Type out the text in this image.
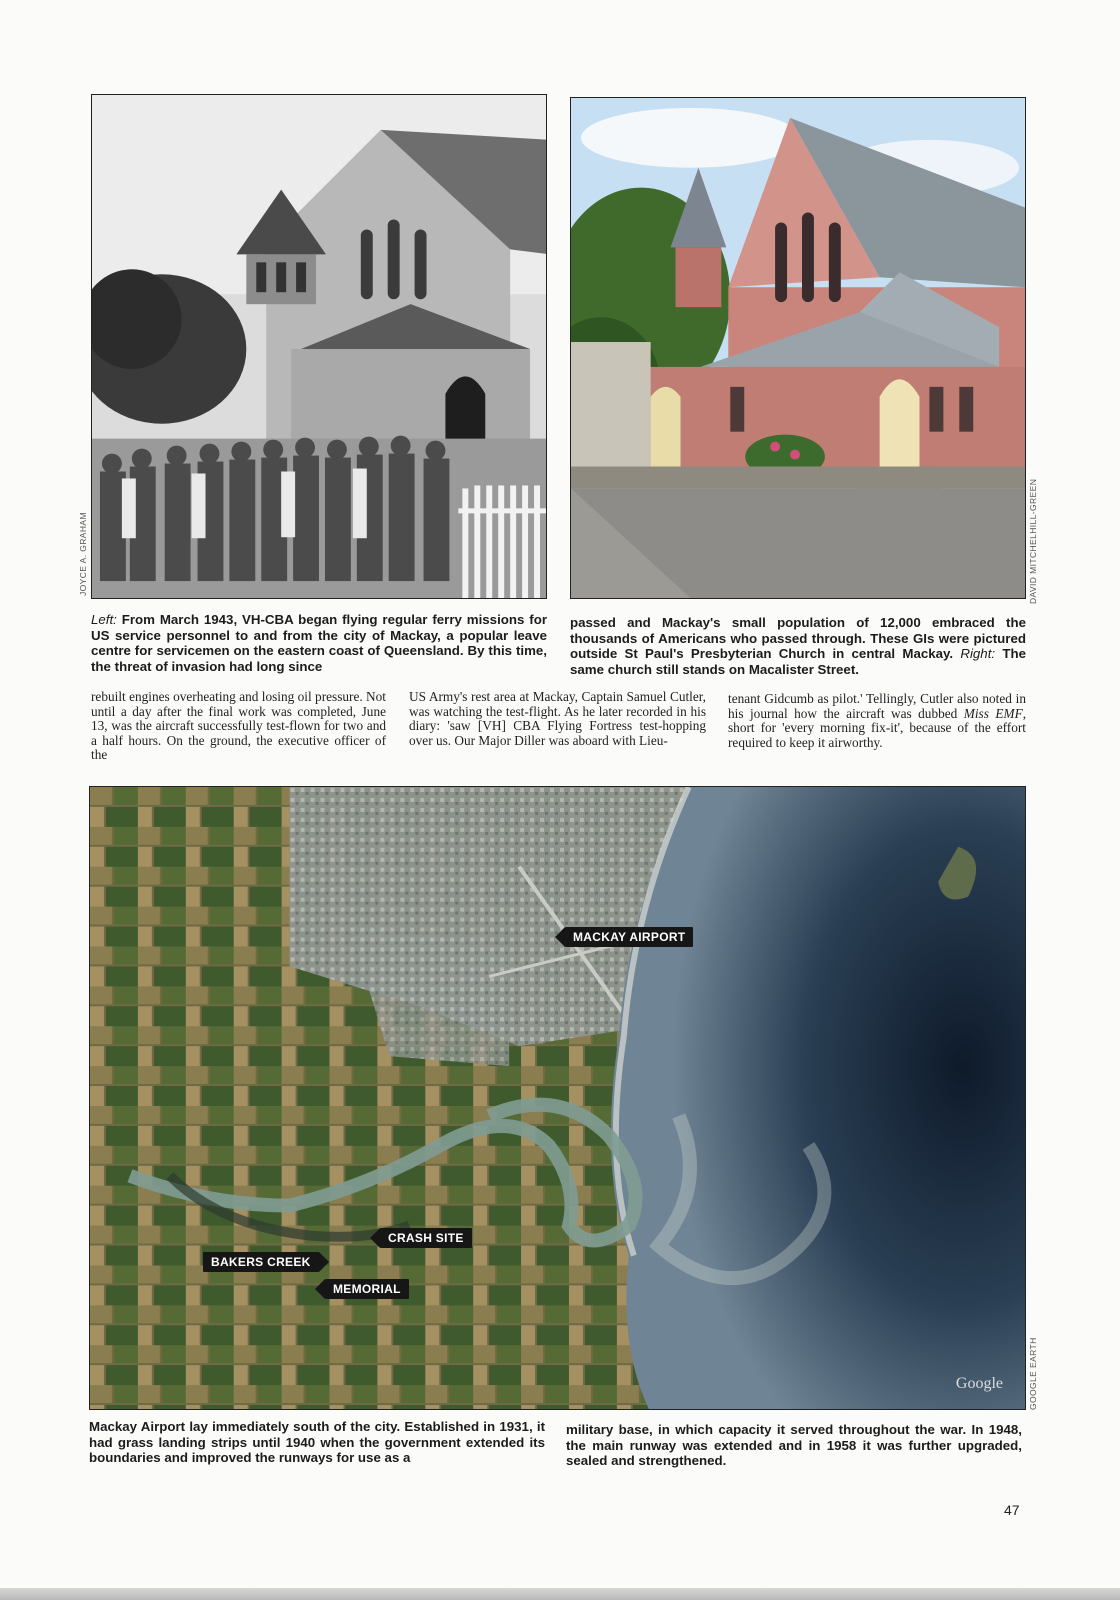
JOYCE A. GRAHAM	DAVID MITCHELHILL-GREEN
Left: From March 1943, VH-CBA began flying regular ferry missions for US service personnel to and from the city of Mackay, a popular leave centre for servicemen on the eastern coast of Queensland. By this time, the threat of invasion had long since
passed and Mackay's small population of 12,000 embraced the thousands of Americans who passed through. These GIs were pictured outside St Paul's Presbyterian Church in central Mackay. Right: The same church still stands on Macalister Street.
rebuilt engines overheating and losing oil pressure. Not until a day after the final work was completed, June 13, was the aircraft successfully test-flown for two and a half hours. On the ground, the executive officer of the
US Army's rest area at Mackay, Captain Samuel Cutler, was watching the test-flight. As he later recorded in his diary: 'saw [VH] CBA Flying Fortress test-hopping over us. Our Major Diller was aboard with Lieu-
tenant Gidcumb as pilot.' Tellingly, Cutler also noted in his journal how the aircraft was dubbed Miss EMF, short for 'every morning fix-it', because of the effort required to keep it airworthy.
MACKAY AIRPORT
CRASH SITE
BAKERS CREEK
MEMORIAL
Google	GOOGLE EARTH
Mackay Airport lay immediately south of the city. Established in 1931, it had grass landing strips until 1940 when the government extended its boundaries and improved the runways for use as a
military base, in which capacity it served throughout the war. In 1948, the main runway was extended and in 1958 it was further upgraded, sealed and strengthened.
47
